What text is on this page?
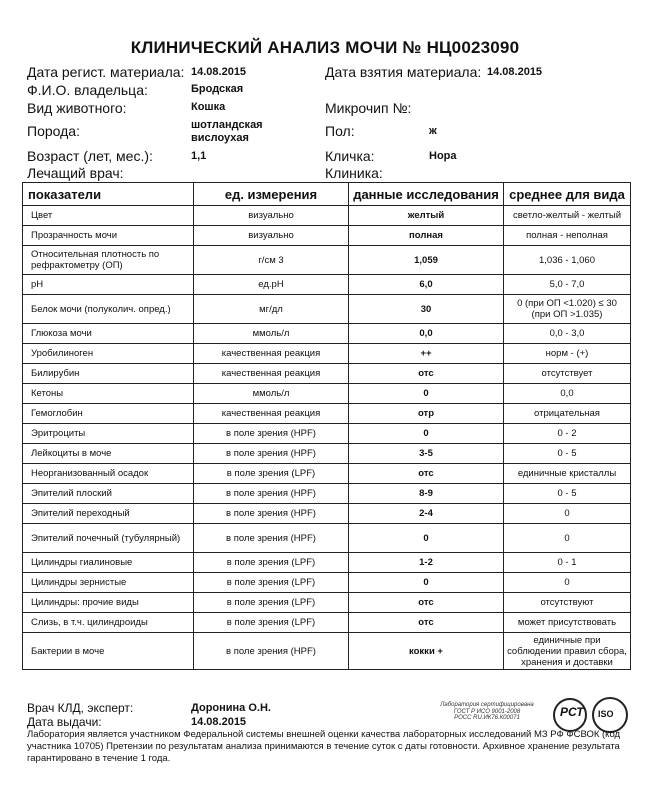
КЛИНИЧЕСКИЙ АНАЛИЗ МОЧИ № НЦ0023090
Дата регист. материала: 14.08.2015	Дата взятия материала: 14.08.2015
Ф.И.О. владельца:	Бродская
Вид животного:	Кошка	Микрочип №:
Порода:	шотландская вислоухая	Пол:	ж
Возраст (лет, мес.):	1,1	Кличка:	Нора
Лечащий врач:	Клиника:
показатели	ед. измерения	данные исследования	среднее для вида
Цвет	визуально	желтый	светло-желтый - желтый
Прозрачность мочи	визуально	полная	полная - неполная
Относительная плотность по рефрактометру (ОП)	г/см 3	1,059	1,036 - 1,060
pH	ед.pH	6,0	5,0 - 7,0
Белок мочи (полуколич. опред.)	мг/дл	30	0 (при ОП <1.020) ≤ 30 (при ОП >1.035)
Глюкоза мочи	ммоль/л	0,0	0,0 - 3,0
Уробилиноген	качественная реакция	++	норм - (+)
Билирубин	качественная реакция	отс	отсутствует
Кетоны	ммоль/л	0	0,0
Гемоглобин	качественная реакция	отр	отрицательная
Эритроциты	в поле зрения (HPF)	0	0 - 2
Лейкоциты в моче	в поле зрения (HPF)	3-5	0 - 5
Неорганизованный осадок	в поле зрения (LPF)	отс	единичные кристаллы
Эпителий плоский	в поле зрения (HPF)	8-9	0 - 5
Эпителий переходный	в поле зрения (HPF)	2-4	0
Эпителий почечный (тубулярный)	в поле зрения (HPF)	0	0
Цилиндры гиалиновые	в поле зрения (LPF)	1-2	0 - 1
Цилиндры зернистые	в поле зрения (LPF)	0	0
Цилиндры: прочие виды	в поле зрения (LPF)	отс	отсутствуют
Слизь, в т.ч. цилиндроиды	в поле зрения (LPF)	отс	может присутствовать
Бактерии в моче	в поле зрения (HPF)	кокки +	единичные при соблюдении правил сбора, хранения и доставки
Врач КЛД, эксперт:	Доронина О.Н.
Дата выдачи:	14.08.2015
Лаборатория сертифицирована
ГОСТ Р ИСО 9001-2008
РОСС RU.ИК76.К00071	РСТ ISO
Лаборатория является участником Федеральной системы внешней оценки качества лабораторных исследований МЗ РФ ФСВОК (код участника 10705) Претензии по результатам анализа принимаются в течение суток с даты готовности. Архивное хранение результата гарантировано в течение 1 года.
